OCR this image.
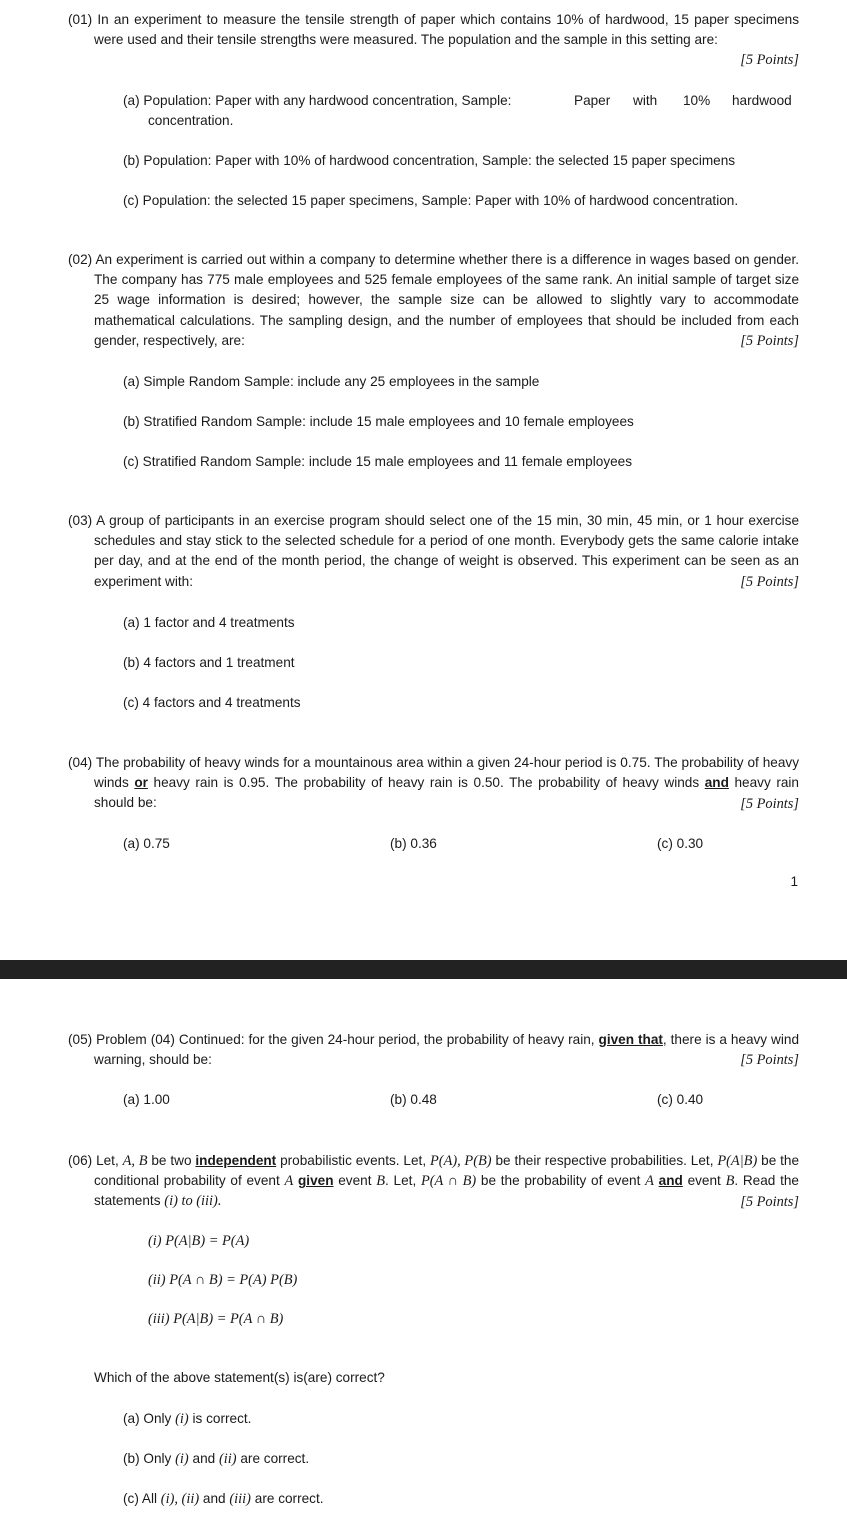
(01) In an experiment to measure the tensile strength of paper which contains 10% of hardwood, 15 paper specimens were used and their tensile strengths were measured. The population and the sample in this setting are:
[5 Points]
(a) Population: Paper with any hardwood concentration, Sample:	Paper with 10% hardwood
concentration.
(b) Population: Paper with 10% of hardwood concentration, Sample: the selected 15 paper specimens
(c) Population: the selected 15 paper specimens, Sample: Paper with 10% of hardwood concentration.
(02) An experiment is carried out within a company to determine whether there is a difference in wages based on gender. The company has 775 male employees and 525 female employees of the same rank. An initial sample of target size 25 wage information is desired; however, the sample size can be allowed to slightly vary to accommodate mathematical calculations. The sampling design, and the number of employees that should be included from each gender, respectively, are:	[5 Points]
(a) Simple Random Sample: include any 25 employees in the sample
(b) Stratified Random Sample: include 15 male employees and 10 female employees
(c) Stratified Random Sample: include 15 male employees and 11 female employees
(03) A group of participants in an exercise program should select one of the 15 min, 30 min, 45 min, or 1 hour exercise schedules and stay stick to the selected schedule for a period of one month. Everybody gets the same calorie intake per day, and at the end of the month period, the change of weight is observed. This experiment can be seen as an experiment with:	[5 Points]
(a) 1 factor and 4 treatments
(b) 4 factors and 1 treatment
(c) 4 factors and 4 treatments
(04) The probability of heavy winds for a mountainous area within a given 24-hour period is 0.75. The probability of heavy winds or heavy rain is 0.95. The probability of heavy rain is 0.50. The probability of heavy winds and heavy rain should be:	[5 Points]
(a) 0.75	(b) 0.36	(c) 0.30
1
(05) Problem (04) Continued: for the given 24-hour period, the probability of heavy rain, given that, there is a heavy wind warning, should be:	[5 Points]
(a) 1.00	(b) 0.48	(c) 0.40
(06) Let, A, B be two independent probabilistic events. Let, P(A), P(B) be their respective probabilities. Let, P(A|B) be the conditional probability of event A given event B. Let, P(A ∩ B) be the probability of event A and event B. Read the statements (i) to (iii).	[5 Points]
(i) P(A|B) = P(A)
(ii) P(A ∩ B) = P(A) P(B)
(iii) P(A|B) = P(A ∩ B)
Which of the above statement(s) is(are) correct?
(a) Only (i) is correct.
(b) Only (i) and (ii) are correct.
(c) All (i), (ii) and (iii) are correct.
